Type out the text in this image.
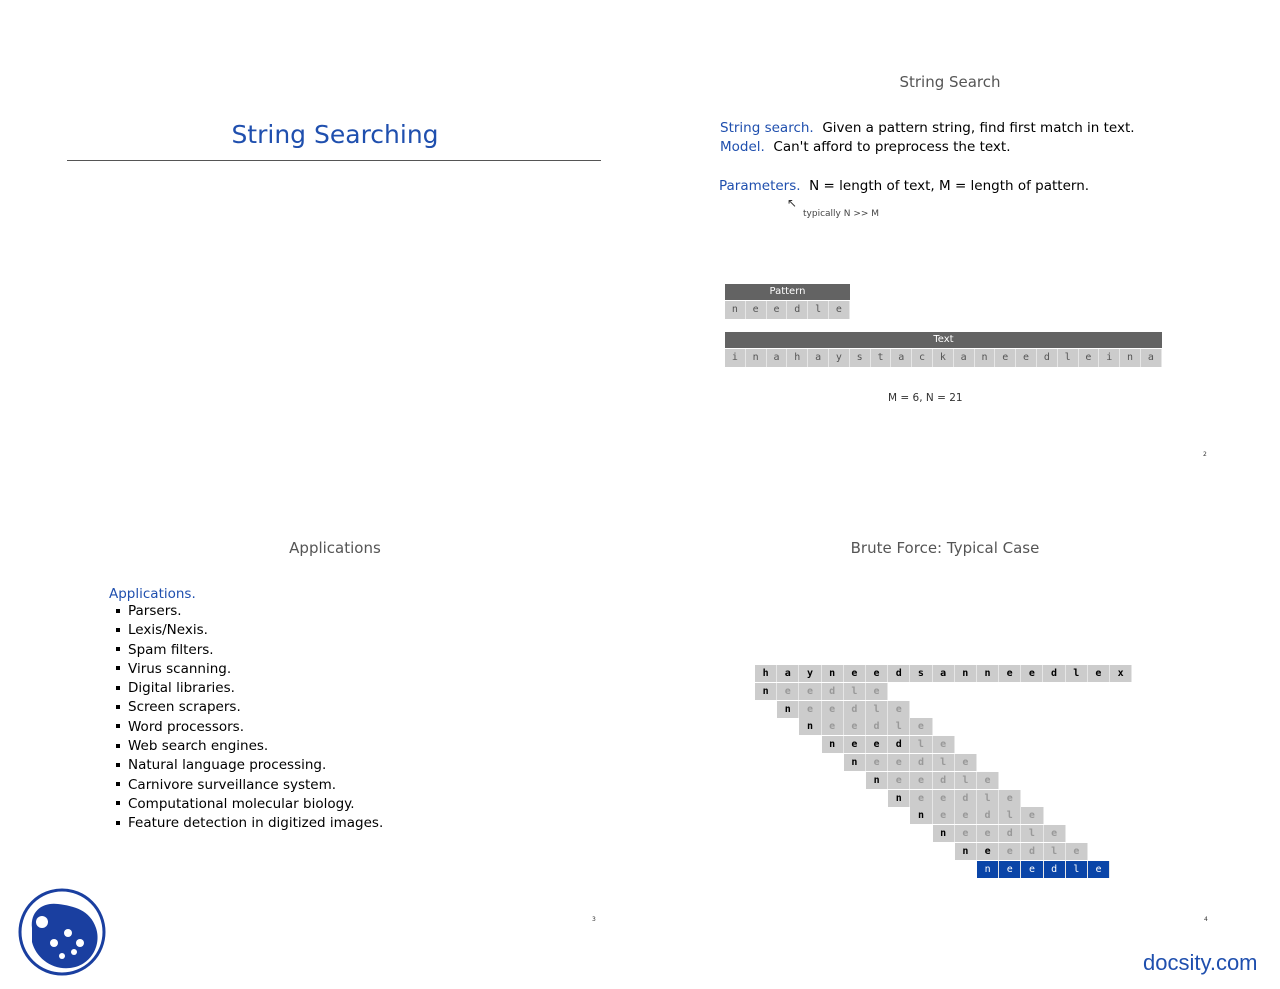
String Searching
String Search
String search. Given a pattern string, find first match in text.
Model. Can't afford to preprocess the text.
Parameters. N = length of text, M = length of pattern.
↖
typically N >> M
Pattern
n	e	e	d	l	e
Text
i	n	a	h	a	y	s	t	a	c	k	a	n	e	e	d	l	e	i	n	a
M = 6, N = 21
2
Applications
Applications.
Parsers.
Lexis/Nexis.
Spam filters.
Virus scanning.
Digital libraries.
Screen scrapers.
Word processors.
Web search engines.
Natural language processing.
Carnivore surveillance system.
Computational molecular biology.
Feature detection in digitized images.
3
Brute Force: Typical Case
h	a	y	n	e	e	d	s	a	n	n	e	e	d	l	e	x
n	e	e	d	l	e
n	e	e	d	l	e
n	e	e	d	l	e
n	e	e	d	l	e
n	e	e	d	l	e
n	e	e	d	l	e
n	e	e	d	l	e
n	e	e	d	l	e
n	e	e	d	l	e
n	e	e	d	l	e
n	e	e	d	l	e
4
docsity.com
